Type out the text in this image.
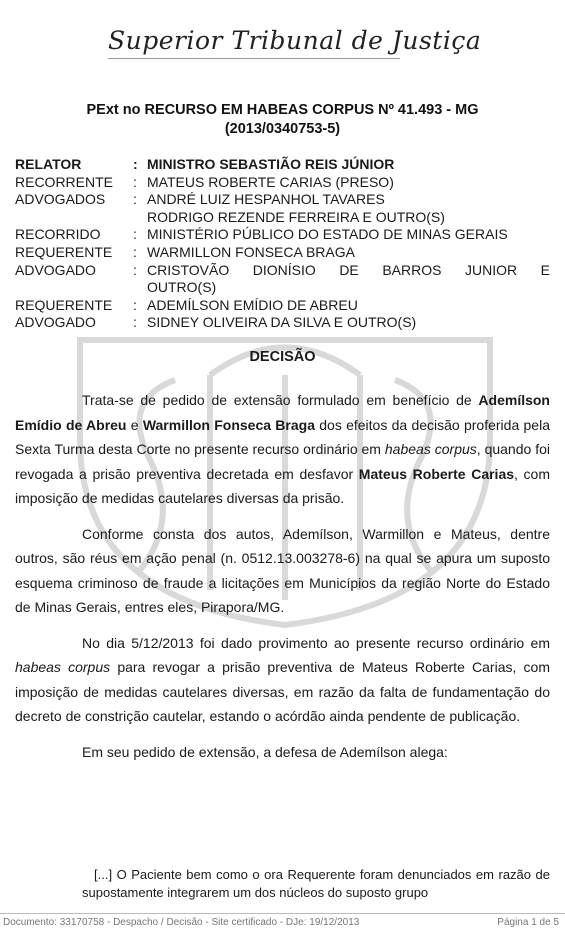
Superior Tribunal de Justiça
PExt no RECURSO EM HABEAS CORPUS Nº 41.493 - MG
(2013/0340753-5)
RELATOR	: MINISTRO SEBASTIÃO REIS JÚNIOR
RECORRENTE	: MATEUS ROBERTE CARIAS (PRESO)
ADVOGADOS	: ANDRÉ LUIZ HESPANHOL TAVARES
RODRIGO REZENDE FERREIRA E OUTRO(S)
RECORRIDO	: MINISTÉRIO PÚBLICO DO ESTADO DE MINAS GERAIS
REQUERENTE	: WARMILLON FONSECA BRAGA
ADVOGADO	: CRISTOVÃO DIONÍSIO DE BARROS JUNIOR E
OUTRO(S)
REQUERENTE	: ADEMÍLSON EMÍDIO DE ABREU
ADVOGADO	: SIDNEY OLIVEIRA DA SILVA E OUTRO(S)
DECISÃO

Trata-se de pedido de extensão formulado em benefício de Ademílson Emídio de Abreu e Warmillon Fonseca Braga dos efeitos da decisão proferida pela Sexta Turma desta Corte no presente recurso ordinário em habeas corpus, quando foi revogada a prisão preventiva decretada em desfavor Mateus Roberte Carias, com imposição de medidas cautelares diversas da prisão.

Conforme consta dos autos, Ademílson, Warmillon e Mateus, dentre outros, são réus em ação penal (n. 0512.13.003278-6) na qual se apura um suposto esquema criminoso de fraude a licitações em Municípios da região Norte do Estado de Minas Gerais, entres eles, Pirapora/MG.

No dia 5/12/2013 foi dado provimento ao presente recurso ordinário em habeas corpus para revogar a prisão preventiva de Mateus Roberte Carias, com imposição de medidas cautelares diversas, em razão da falta de fundamentação do decreto de constrição cautelar, estando o acórdão ainda pendente de publicação.

Em seu pedido de extensão, a defesa de Ademílson alega:

[...] O Paciente bem como o ora Requerente foram denunciados em razão de supostamente integrarem um dos núcleos do suposto grupo
Documento: 33170758 - Despacho / Decisão - Site certificado - DJe: 19/12/2013	Página 1 de 5
